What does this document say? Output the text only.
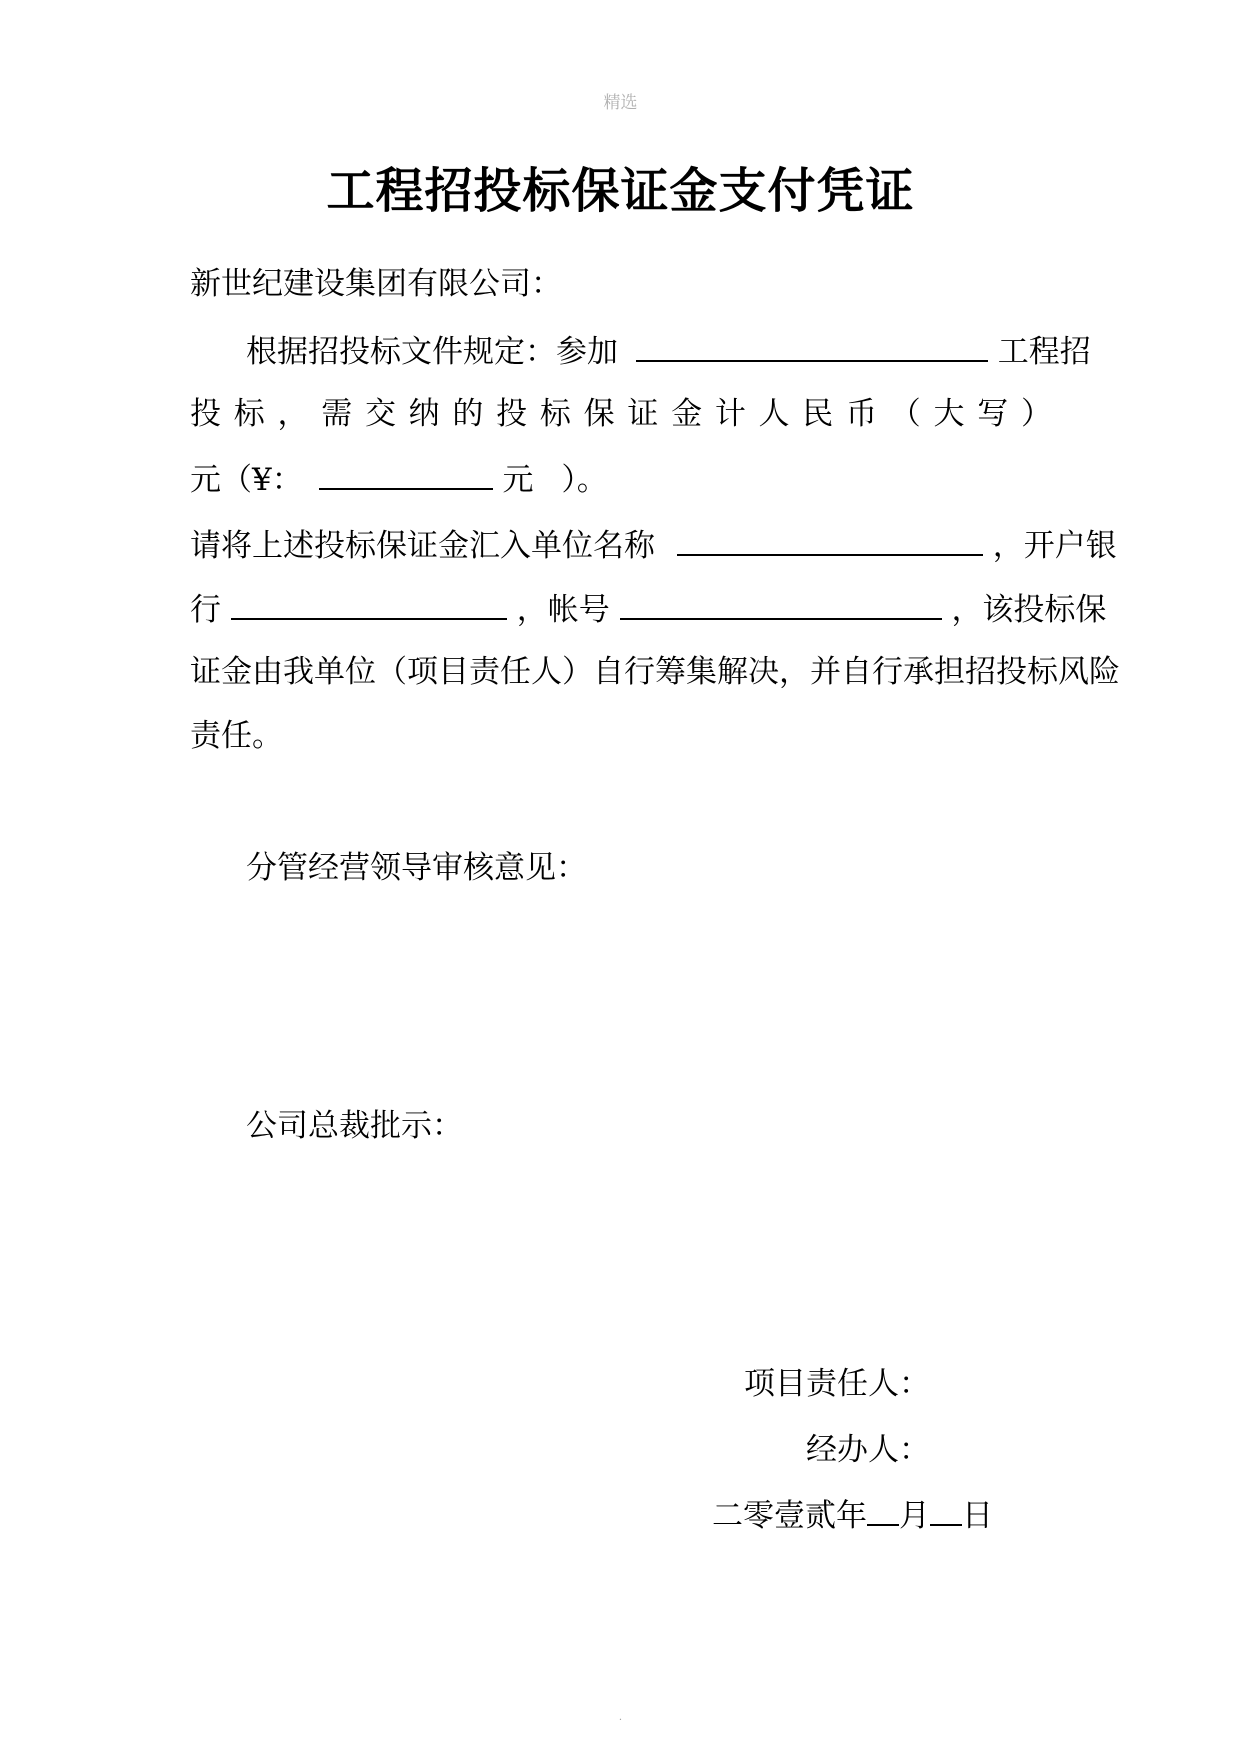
精选
工程招投标保证金支付凭证
新世纪建设集团有限公司：
根据招投标文件规定：参加	工程招
投 标 ， 需 交 纳 的 投 标 保 证 金 计 人 民 币 （ 大 写 ）
元（¥：	元 ）。
请将上述投标保证金汇入单位名称	，开户银
行	，帐号	，该投标保
证金由我单位（项目责任人）自行筹集解决，并自行承担招投标风险
责任。
分管经营领导审核意见：
公司总裁批示：
项目责任人：
经办人：
二零壹贰年 月 日
.
